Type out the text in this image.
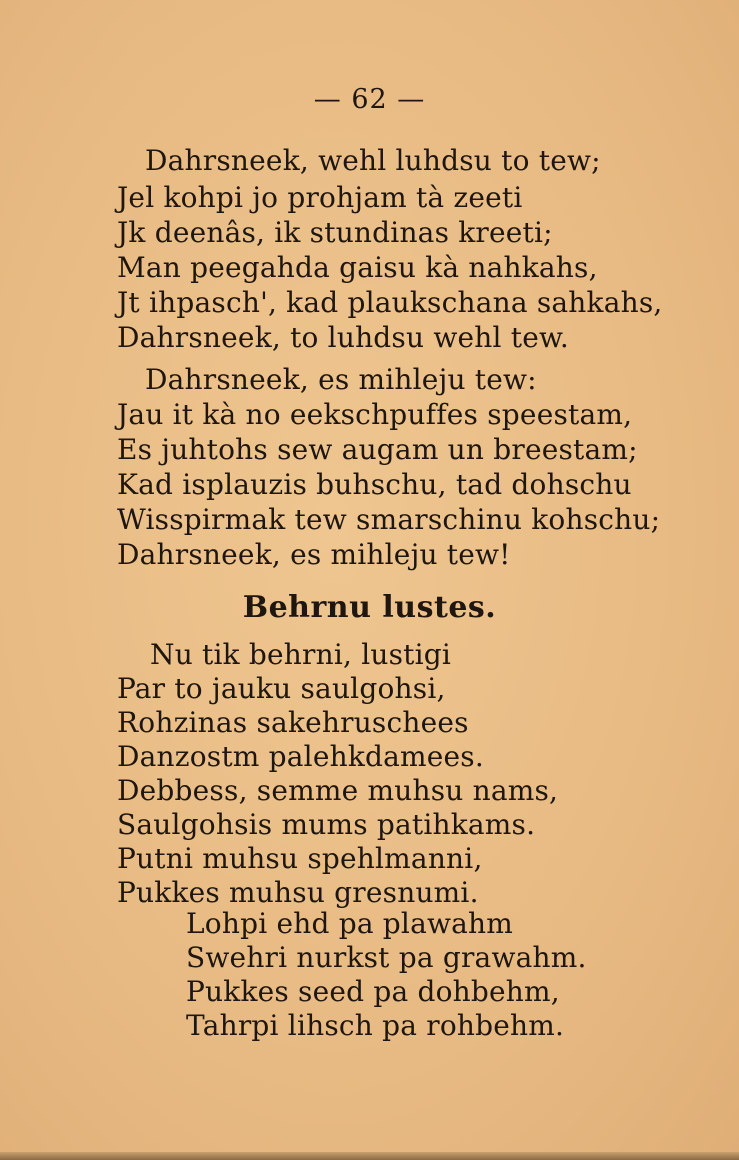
— 62 —
Dahrsneek, wehl luhdsu to tew;
Jel kohpi jo prohjam tà zeeti
Jk deenâs, ik stundinas kreeti;
Man peegahda gaisu kà nahkahs,
Jt ihpasch', kad plaukschana sahkahs,
Dahrsneek, to luhdsu wehl tew.
Dahrsneek, es mihleju tew:
Jau it kà no eekschpuffes speestam,
Es juhtohs sew augam un breestam;
Kad isplauzis buhschu, tad dohschu
Wisspirmak tew smarschinu kohschu;
Dahrsneek, es mihleju tew!
Behrnu lustes.
Nu tik behrni, lustigi
Par to jauku saulgohsi,
Rohzinas sakehruschees
Danzostm palehkdamees.
Debbess, semme muhsu nams,
Saulgohsis mums patihkams.
Putni muhsu spehlmanni,
Pukkes muhsu gresnumi.
Lohpi ehd pa plawahm
Swehri nurkst pa grawahm.
Pukkes seed pa dohbehm,
Tahrpi lihsch pa rohbehm.
